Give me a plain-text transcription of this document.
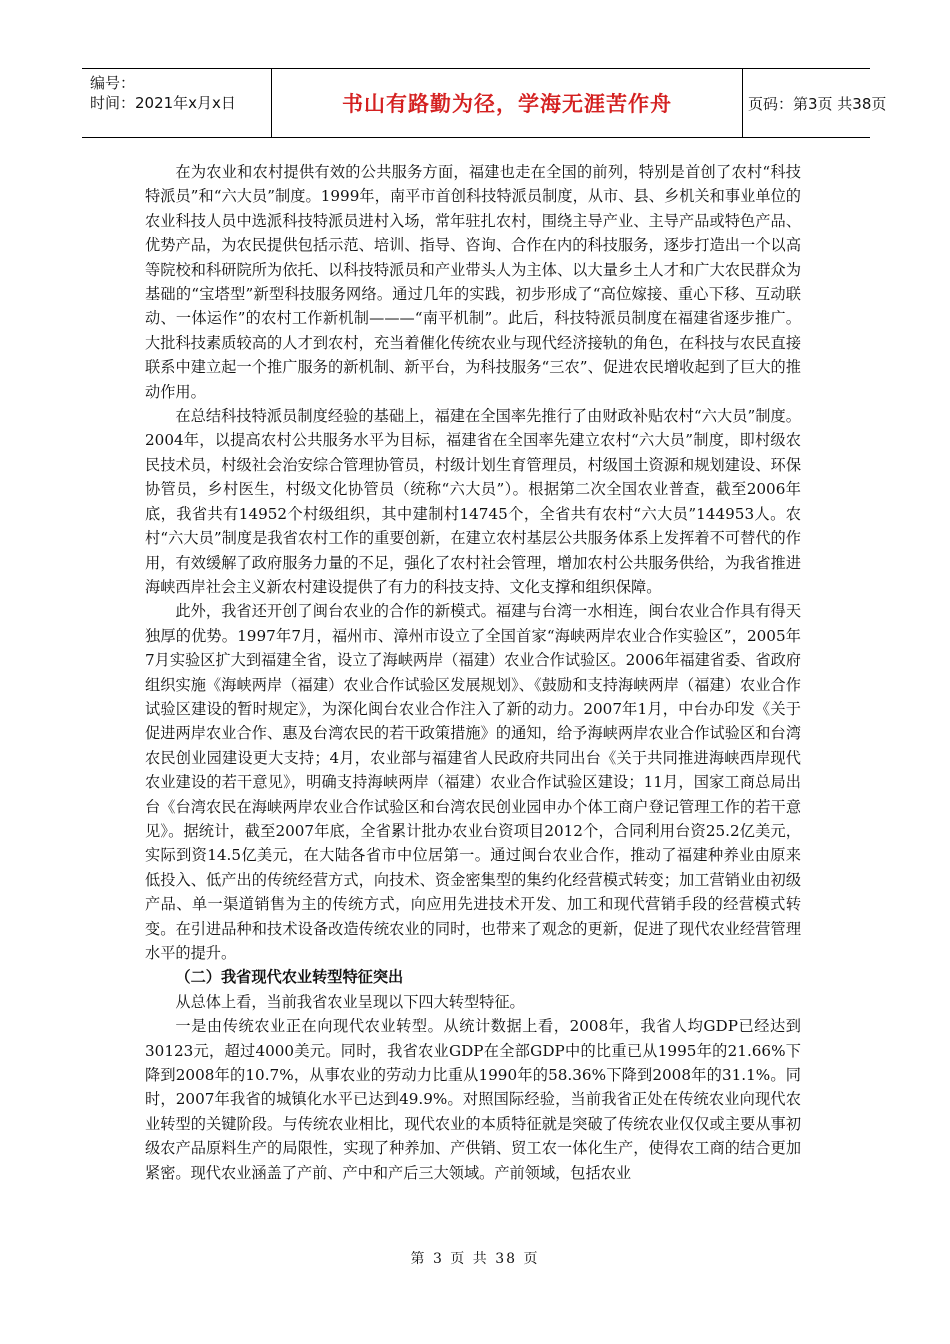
编号：
时间：2021年x月x日	书山有路勤为径，学海无涯苦作舟	页码：第3页 共38页

在为农业和农村提供有效的公共服务方面，福建也走在全国的前列，特别是首创了农村“科技特派员”和“六大员”制度。1999年，南平市首创科技特派员制度，从市、县、乡机关和事业单位的农业科技人员中选派科技特派员进村入场，常年驻扎农村，围绕主导产业、主导产品或特色产品、优势产品，为农民提供包括示范、培训、指导、咨询、合作在内的科技服务，逐步打造出一个以高等院校和科研院所为依托、以科技特派员和产业带头人为主体、以大量乡土人才和广大农民群众为基础的“宝塔型”新型科技服务网络。通过几年的实践，初步形成了“高位嫁接、重心下移、互动联动、一体运作”的农村工作新机制———“南平机制”。此后，科技特派员制度在福建省逐步推广。大批科技素质较高的人才到农村，充当着催化传统农业与现代经济接轨的角色，在科技与农民直接联系中建立起一个推广服务的新机制、新平台，为科技服务“三农”、促进农民增收起到了巨大的推动作用。

在总结科技特派员制度经验的基础上，福建在全国率先推行了由财政补贴农村“六大员”制度。2004年，以提高农村公共服务水平为目标，福建省在全国率先建立农村“六大员”制度，即村级农民技术员，村级社会治安综合管理协管员，村级计划生育管理员，村级国土资源和规划建设、环保协管员，乡村医生，村级文化协管员（统称“六大员”）。根据第二次全国农业普查，截至2006年底，我省共有14952个村级组织，其中建制村14745个，全省共有农村“六大员”144953人。农村“六大员”制度是我省农村工作的重要创新，在建立农村基层公共服务体系上发挥着不可替代的作用，有效缓解了政府服务力量的不足，强化了农村社会管理，增加农村公共服务供给，为我省推进海峡西岸社会主义新农村建设提供了有力的科技支持、文化支撑和组织保障。

此外，我省还开创了闽台农业的合作的新模式。福建与台湾一水相连，闽台农业合作具有得天独厚的优势。1997年7月，福州市、漳州市设立了全国首家“海峡两岸农业合作实验区”，2005年7月实验区扩大到福建全省，设立了海峡两岸（福建）农业合作试验区。2006年福建省委、省政府组织实施《海峡两岸（福建）农业合作试验区发展规划》、《鼓励和支持海峡两岸（福建）农业合作试验区建设的暂时规定》，为深化闽台农业合作注入了新的动力。2007年1月，中台办印发《关于促进两岸农业合作、惠及台湾农民的若干政策措施》的通知，给予海峡两岸农业合作试验区和台湾农民创业园建设更大支持；4月，农业部与福建省人民政府共同出台《关于共同推进海峡西岸现代农业建设的若干意见》，明确支持海峡两岸（福建）农业合作试验区建设；11月，国家工商总局出台《台湾农民在海峡两岸农业合作试验区和台湾农民创业园申办个体工商户登记管理工作的若干意见》。据统计，截至2007年底，全省累计批办农业台资项目2012个，合同利用台资25.2亿美元，实际到资14.5亿美元，在大陆各省市中位居第一。通过闽台农业合作，推动了福建种养业由原来低投入、低产出的传统经营方式，向技术、资金密集型的集约化经营模式转变；加工营销业由初级产品、单一渠道销售为主的传统方式，向应用先进技术开发、加工和现代营销手段的经营模式转变。在引进品种和技术设备改造传统农业的同时，也带来了观念的更新，促进了现代农业经营管理水平的提升。

（二）我省现代农业转型特征突出

从总体上看，当前我省农业呈现以下四大转型特征。

一是由传统农业正在向现代农业转型。从统计数据上看，2008年，我省人均GDP已经达到30123元，超过4000美元。同时，我省农业GDP在全部GDP中的比重已从1995年的21.66%下降到2008年的10.7%，从事农业的劳动力比重从1990年的58.36%下降到2008年的31.1%。同时，2007年我省的城镇化水平已达到49.9%。对照国际经验，当前我省正处在传统农业向现代农业转型的关键阶段。与传统农业相比，现代农业的本质特征就是突破了传统农业仅仅或主要从事初级农产品原料生产的局限性，实现了种养加、产供销、贸工农一体化生产，使得农工商的结合更加紧密。现代农业涵盖了产前、产中和产后三大领域。产前领域，包括农业

第 3 页 共 38 页
